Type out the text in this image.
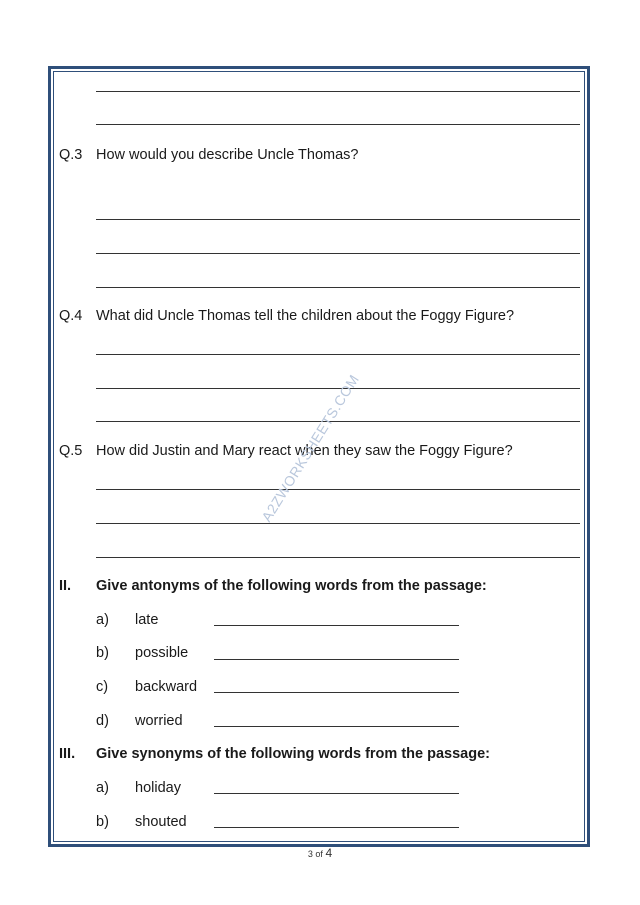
Q.3 How would you describe Uncle Thomas?
Q.4 What did Uncle Thomas tell the children about the Foggy Figure?
Q.5 How did Justin and Mary react when they saw the Foggy Figure?
II. Give antonyms of the following words from the passage:
a) late
b) possible
c) backward
d) worried
III. Give synonyms of the following words from the passage:
a) holiday
b) shouted
A2ZWORKSHEETS.COM
3 of 4
